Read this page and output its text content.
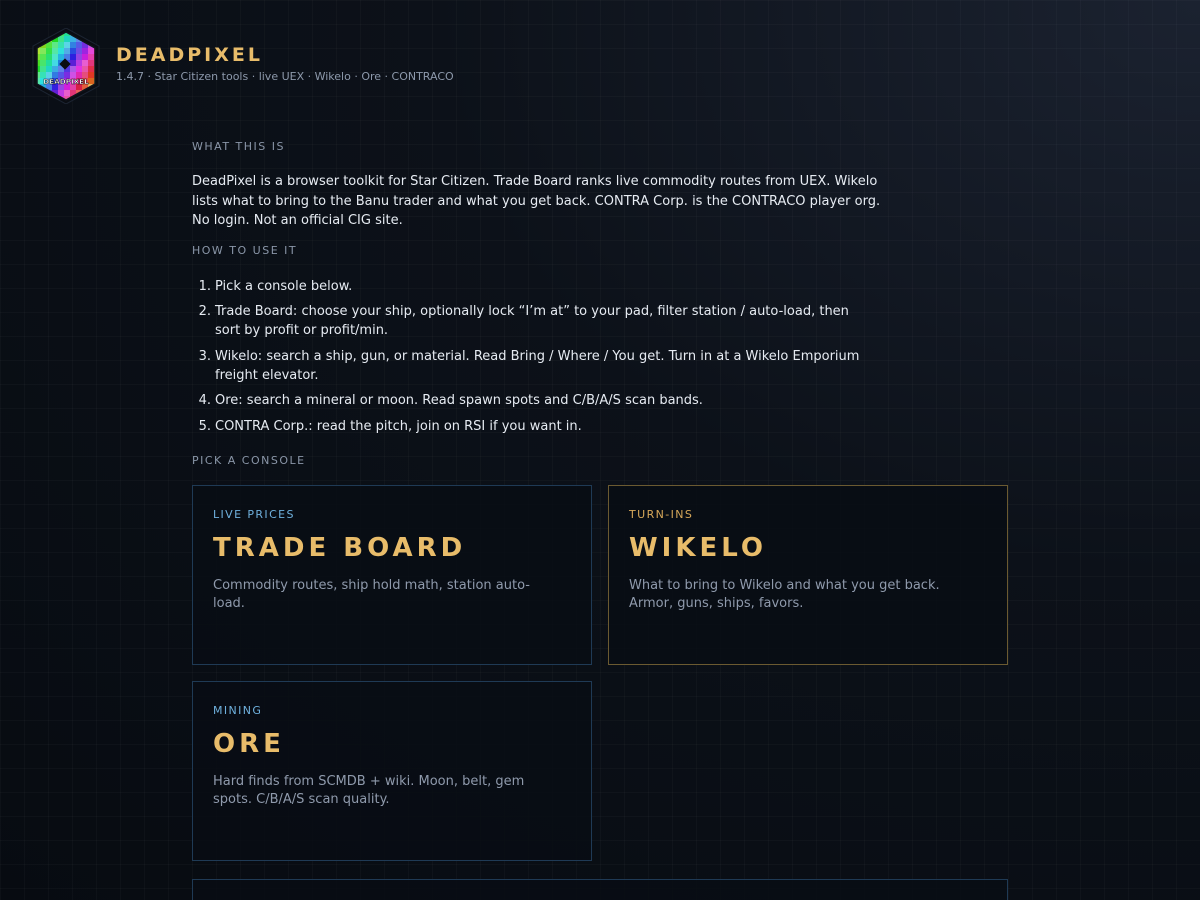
DEADPIXEL
DEADPIXEL
1.4.7 · Star Citizen tools · live UEX · Wikelo · Ore · CONTRACO
WHAT THIS IS
DeadPixel is a browser toolkit for Star Citizen. Trade Board ranks live commodity routes from UEX. Wikelo lists what to bring to the Banu trader and what you get back. CONTRA Corp. is the CONTRACO player org. No login. Not an official CIG site.
HOW TO USE IT
1. Pick a console below.
2. Trade Board: choose your ship, optionally lock “I’m at” to your pad, filter station / auto-load, then sort by profit or profit/min.
3. Wikelo: search a ship, gun, or material. Read Bring / Where / You get. Turn in at a Wikelo Emporium freight elevator.
4. Ore: search a mineral or moon. Read spawn spots and C/B/A/S scan bands.
5. CONTRA Corp.: read the pitch, join on RSI if you want in.
PICK A CONSOLE
LIVE PRICES
TRADE BOARD
Commodity routes, ship hold math, station auto-load.
TURN-INS
WIKELO
What to bring to Wikelo and what you get back. Armor, guns, ships, favors.
MINING
ORE
Hard finds from SCMDB + wiki. Moon, belt, gem spots. C/B/A/S scan quality.
